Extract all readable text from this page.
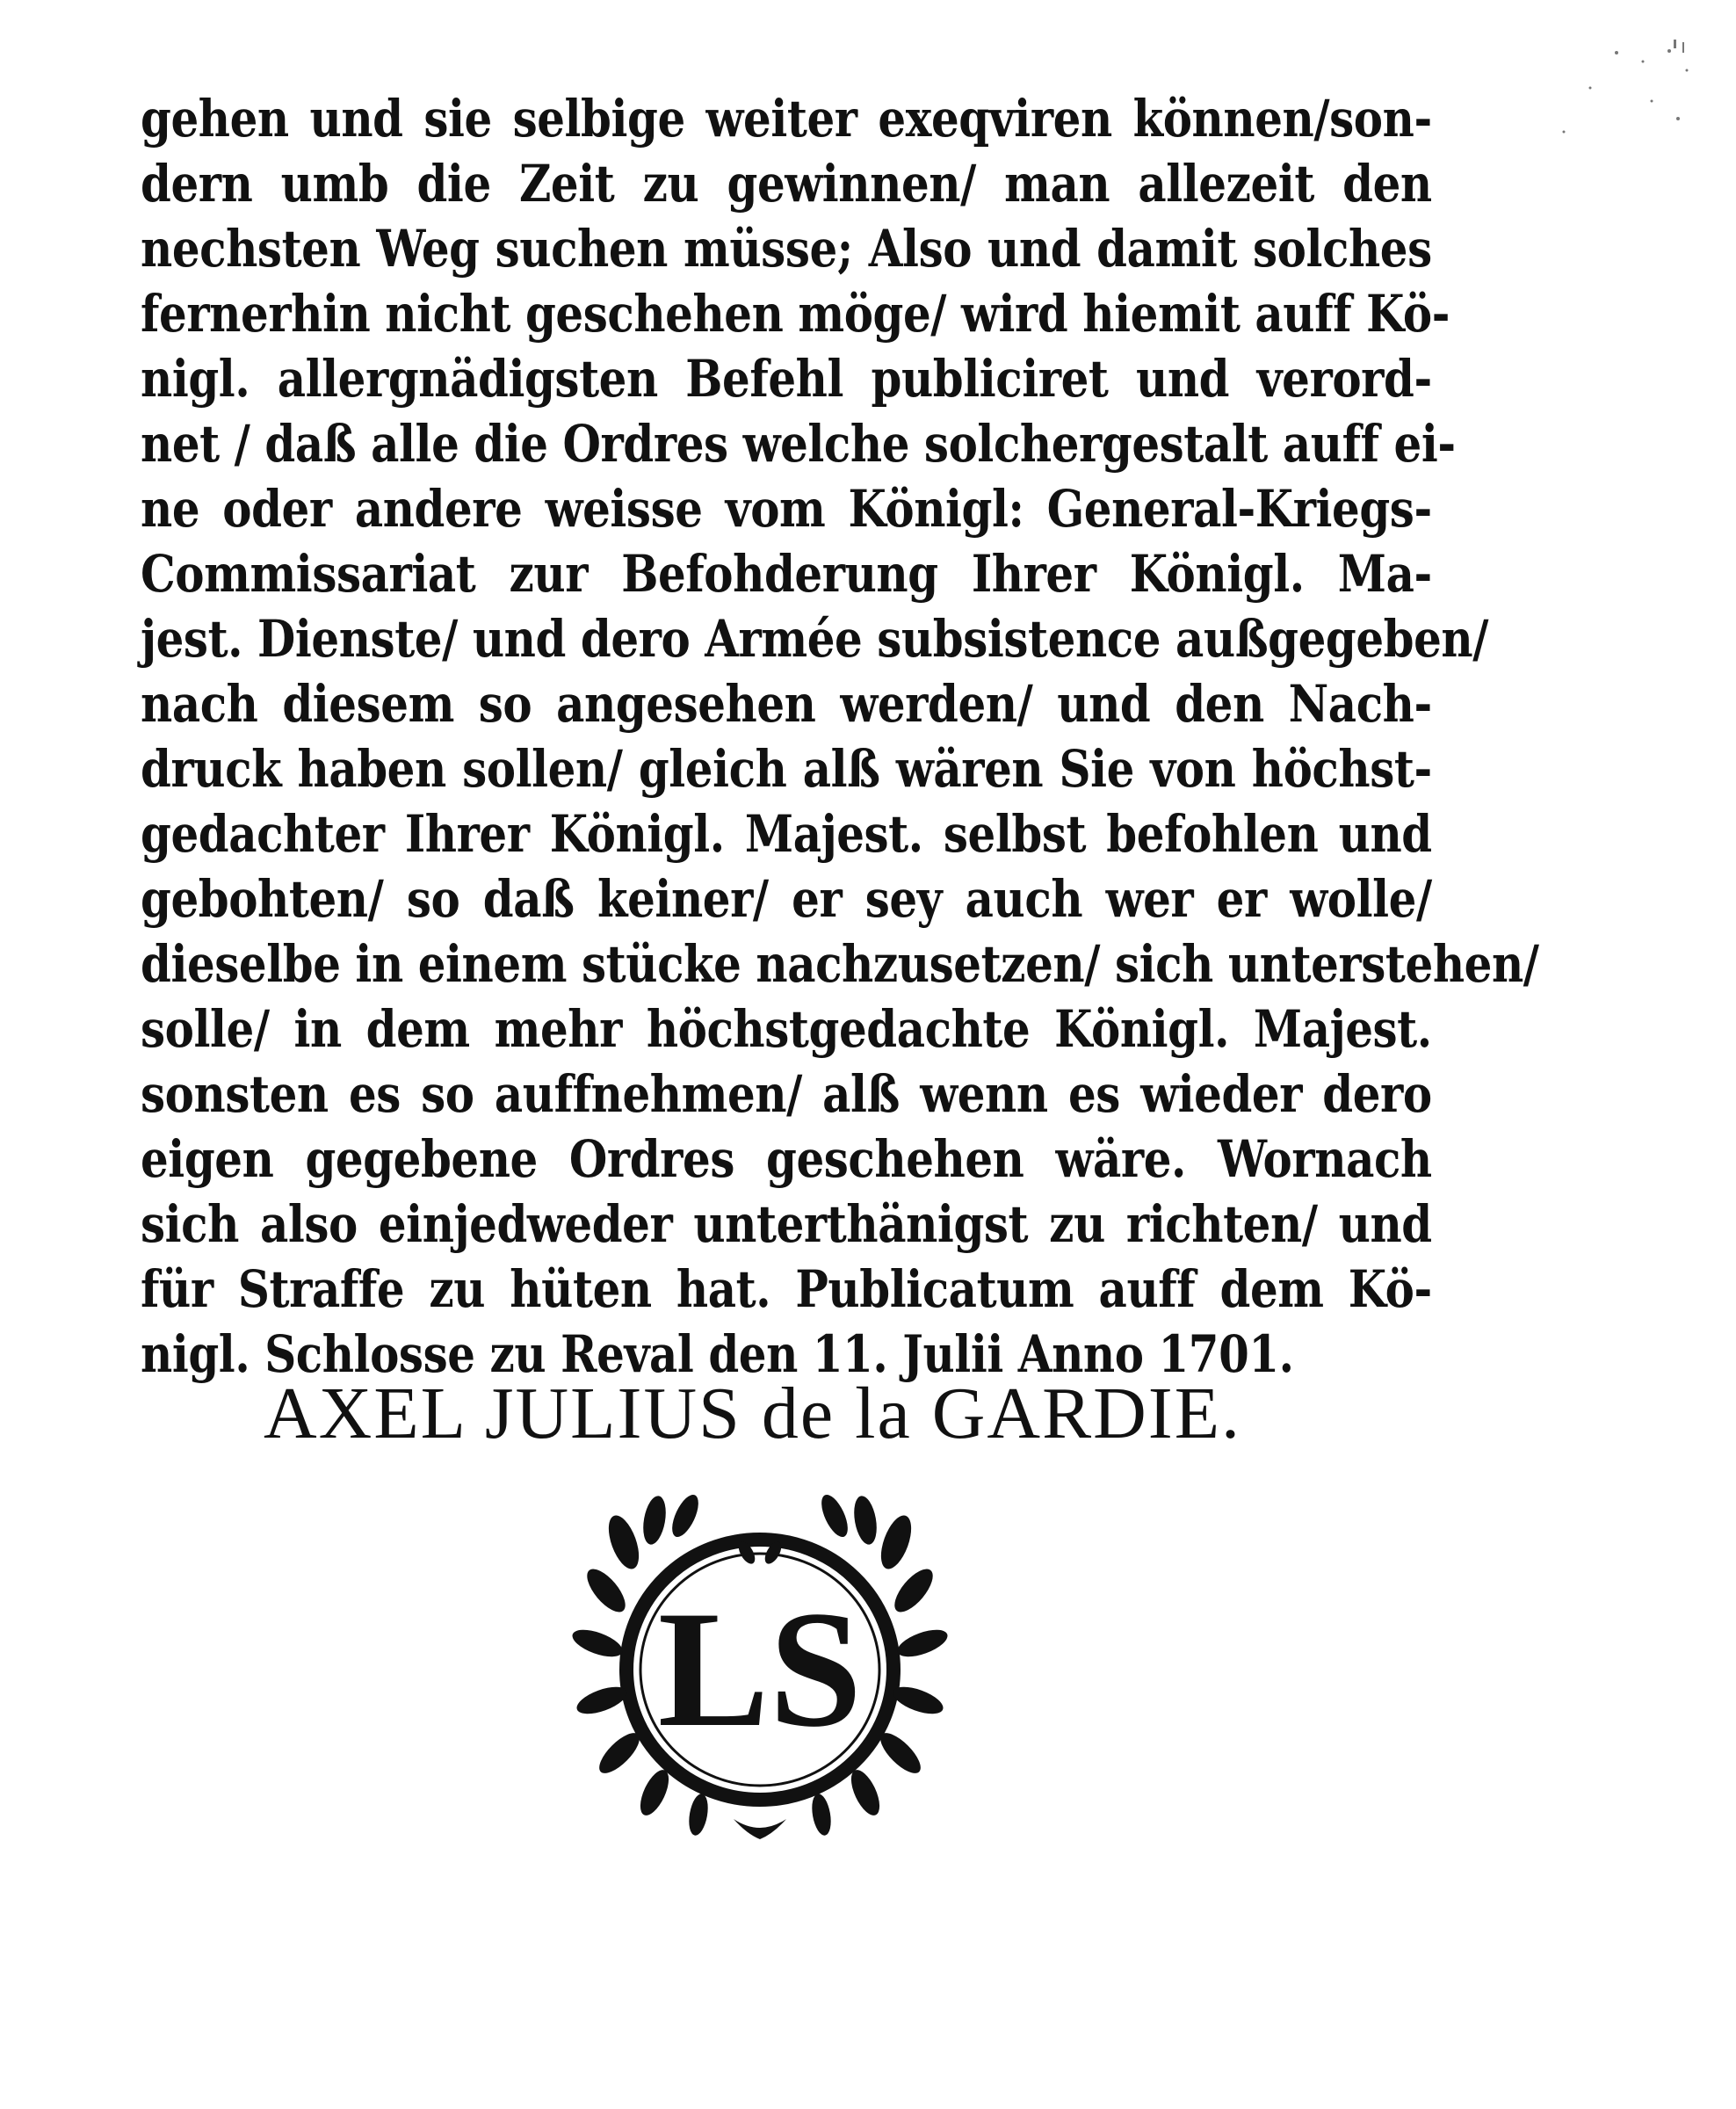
gehen und sie selbige weiter exeqviren können/son-
dern umb die Zeit zu gewinnen/ man allezeit den
nechsten Weg suchen müsse; Also und damit solches
fernerhin nicht geschehen möge/ wird hiemit auff Kö-
nigl. allergnädigsten Befehl publiciret und verord-
net / daß alle die Ordres welche solchergestalt auff ei-
ne oder andere weisse vom Königl: General-Kriegs-
Commissariat zur Befohderung Ihrer Königl. Ma-
jest. Dienste/ und dero Armée subsistence außgegeben/
nach diesem so angesehen werden/ und den Nach-
druck haben sollen/ gleich alß wären Sie von höchst-
gedachter Ihrer Königl. Majest. selbst befohlen und
gebohten/ so daß keiner/ er sey auch wer er wolle/
dieselbe in einem stücke nachzusetzen/ sich unterstehen/
solle/ in dem mehr höchstgedachte Königl. Majest.
sonsten es so auffnehmen/ alß wenn es wieder dero
eigen gegebene Ordres geschehen wäre. Wornach
sich also einjedweder unterthänigst zu richten/ und
für Straffe zu hüten hat. Publicatum auff dem Kö-
nigl. Schlosse zu Reval den 11. Julii Anno 1701.
AXEL JULIUS de la GARDIE.
LS
